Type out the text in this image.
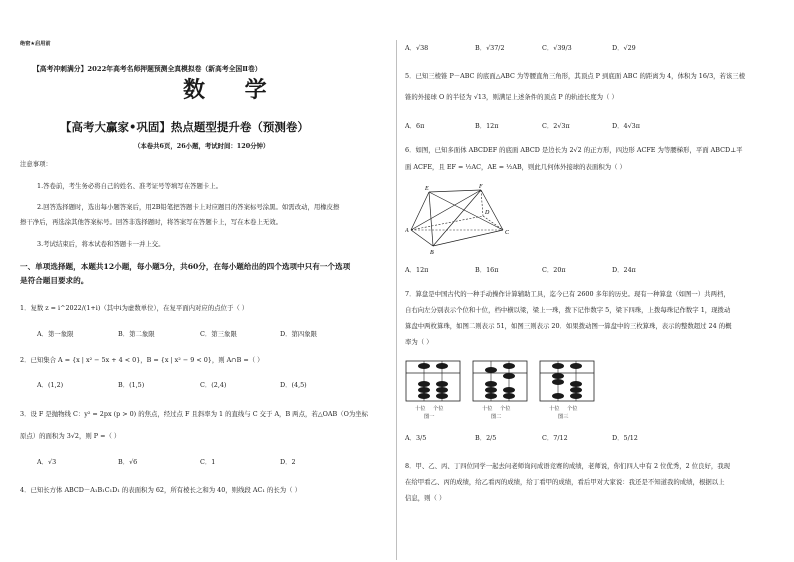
绝密★启用前
【高考冲刺满分】2022年高考名师押题预测全真模拟卷（新高考全国Ⅱ卷）
数 学
【高考大赢家•巩固】热点题型提升卷（预测卷）
（本卷共6页，26小题，考试时间：120分钟）
注意事项：
1.答卷前，考生务必将自己的姓名、准考证号等填写在答题卡上。
2.回答选择题时，选出每小题答案后，用2B铅笔把答题卡上对应题目的答案标号涂黑。如需改动，用橡皮擦
擦干净后，再选涂其他答案标号。回答非选择题时，将答案写在答题卡上，写在本卷上无效。
3.考试结束后，将本试卷和答题卡一并上交。
一、单项选择题，本题共12小题，每小题5分，共60分，在每小题给出的四个选项中只有一个选项
是符合题目要求的。
1．复数 z = i^2022/(1+i)（其中i为虚数单位），在复平面内对应的点位于（ ）
A．第一象限	B．第二象限	C．第三象限	D．第四象限
2．已知集合 A = {x | x² − 5x + 4 < 0}，B = {x | x² − 9 < 0}，则 A∩B =（ ）
A．(1,2)	B．(1,5)	C．(2,4)	D．(4,5)
3．设 F 是抛物线 C：y² = 2px (p > 0) 的焦点，经过点 F 且斜率为 1 的直线与 C 交于 A，B 两点，若△OAB（O为坐标
原点）的面积为 3√2，则 P =（ ）
A．√3	B．√6	C．1	D．2
4．已知长方体 ABCD－A₁B₁C₁D₁ 的表面积为 62，所有棱长之和为 40，则线段 AC₁ 的长为（ ）
A．√38	B．√37/2	C．√39/3	D．√29
5．已知三棱锥 P－ABC 的底面△ABC 为等腰直角三角形，其顶点 P 到底面 ABC 的距离为 4，体积为 16/3，若该三棱
锥的外接球 O 的半径为 √13，则满足上述条件的顶点 P 的轨迹长度为（ ）
A．6π	B．12π	C．2√3π	D．4√3π
6．如图，已知多面体 ABCDEF 的底面 ABCD 是边长为 2√2 的正方形，四边形 ACFE 为等腰梯形，平面 ABCD⊥平
面 ACFE，且 EF = ½AC，AE = ½AB，则此几何体外接球的表面积为（ ）
E	F
D
A
B
C
A．12π	B．16π	C．20π	D．24π
7．算盘是中国古代的一种手动操作计算辅助工具，迄今已有 2600 多年的历史。现有一种算盘（如图一）共两档，
自右向左分别表示个位和十位，档中横以梁，梁上一珠，拨下记作数字 5，梁下四珠，上拨每珠记作数字 1，现拨动
算盘中两枚算珠，如图二则表示 51，如图三则表示 20．如果拨动图一算盘中的三枚算珠，表示的整数超过 24 的概
率为（ ）
十位 个位
图一
十位 个位
图二
十位 个位
图三
A．3/5	B．2/5	C．7/12	D．5/12
8．甲、乙、丙、丁四位同学一起去问老师询问成语竞赛的成绩，老师说，你们四人中有 2 位优秀，2 位良好，我现
在给甲看乙、丙的成绩，给乙看丙的成绩，给丁看甲的成绩，看后甲对大家说：我还是不知道我的成绩，根据以上
信息，则（ ）
